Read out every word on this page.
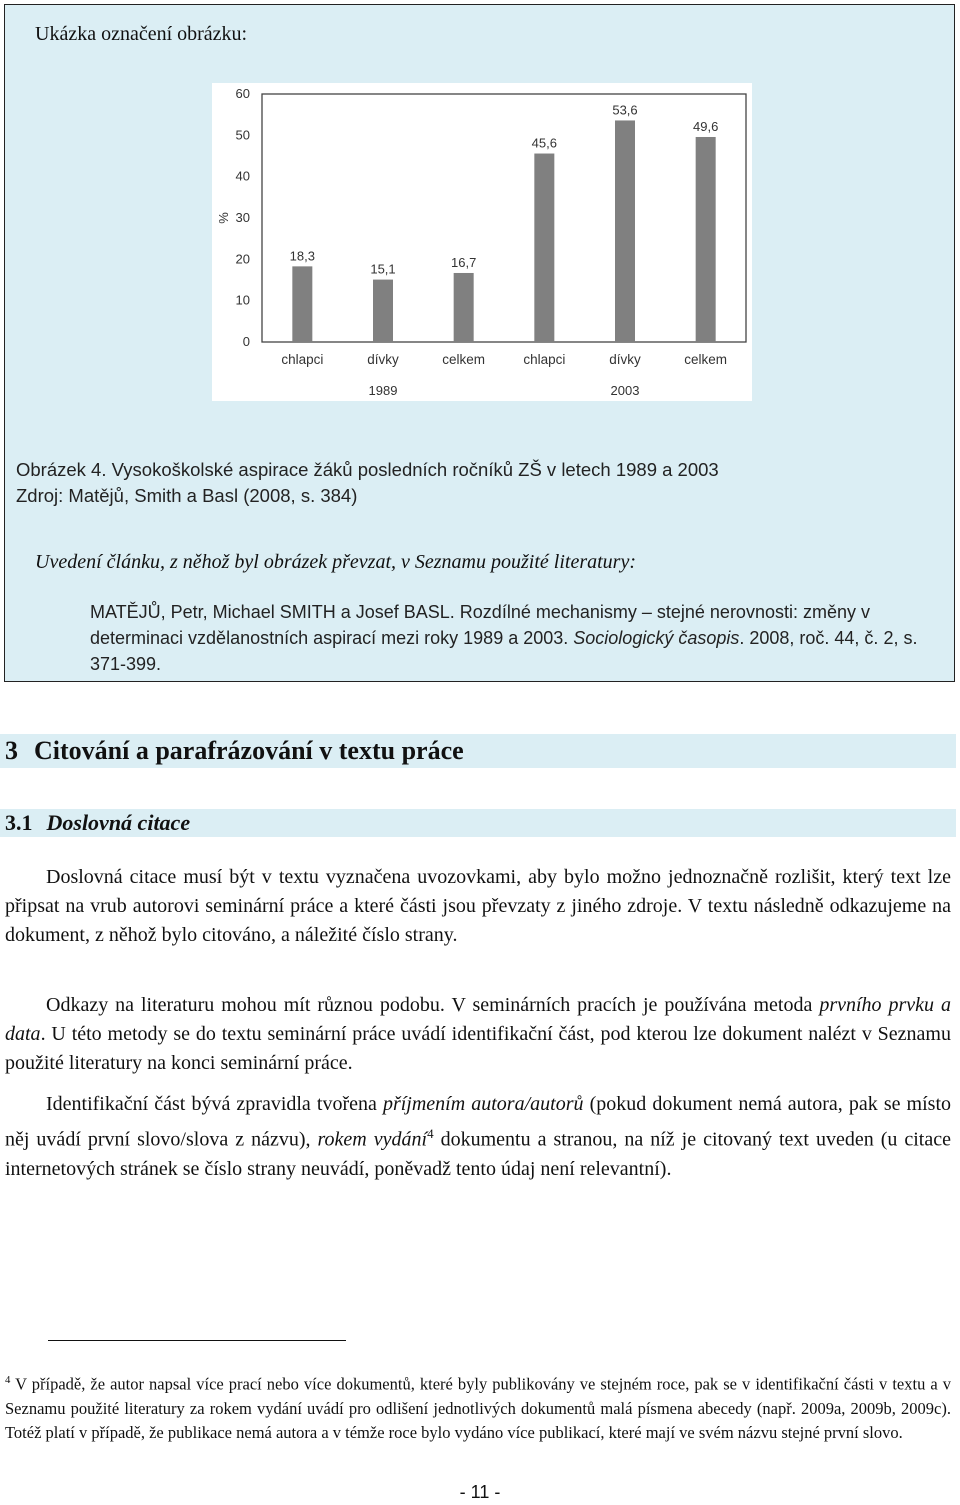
Ukázka označení obrázku:
0
10
20
30
40
50
60
%
18,3
15,1	16,7
45,6
53,6
49,6
chlapci	dívky	celkem	chlapci	dívky	celkem
1989	2003
Obrázek 4. Vysokoškolské aspirace žáků posledních ročníků ZŠ v letech 1989 a 2003
Zdroj: Matějů, Smith a Basl (2008, s. 384)
Uvedení článku, z něhož byl obrázek převzat, v Seznamu použité literatury:
MATĚJŮ, Petr, Michael SMITH a Josef BASL. Rozdílné mechanismy – stejné nerovnosti: změny v determinaci vzdělanostních aspirací mezi roky 1989 a 2003. Sociologický časopis. 2008, roč. 44, č. 2, s. 371-399.
3 Citování a parafrázování v textu práce
3.1 Doslovná citace

Doslovná citace musí být v textu vyznačena uvozovkami, aby bylo možno jednoznačně rozlišit, který text lze připsat na vrub autorovi seminární práce a které části jsou převzaty z jiného zdroje. V textu následně odkazujeme na dokument, z něhož bylo citováno, a náležité číslo strany.

Odkazy na literaturu mohou mít různou podobu. V seminárních pracích je používána metoda prvního prvku a data. U této metody se do textu seminární práce uvádí identifikační část, pod kterou lze dokument nalézt v Seznamu použité literatury na konci seminární práce.

Identifikační část bývá zpravidla tvořena příjmením autora/autorů (pokud dokument nemá autora, pak se místo něj uvádí první slovo/slova z názvu), rokem vydání$^4$ dokumentu a stranou, na níž je citovaný text uveden (u citace internetových stránek se číslo strany neuvádí, poněvadž tento údaj není relevantní).

$^4$ V případě, že autor napsal více prací nebo více dokumentů, které byly publikovány ve stejném roce, pak se v identifikační části v textu a v Seznamu použité literatury za rokem vydání uvádí pro odlišení jednotlivých dokumentů malá písmena abecedy (např. 2009a, 2009b, 2009c). Totéž platí v případě, že publikace nemá autora a v témže roce bylo vydáno více publikací, které mají ve svém názvu stejné první slovo.

- 11 -
